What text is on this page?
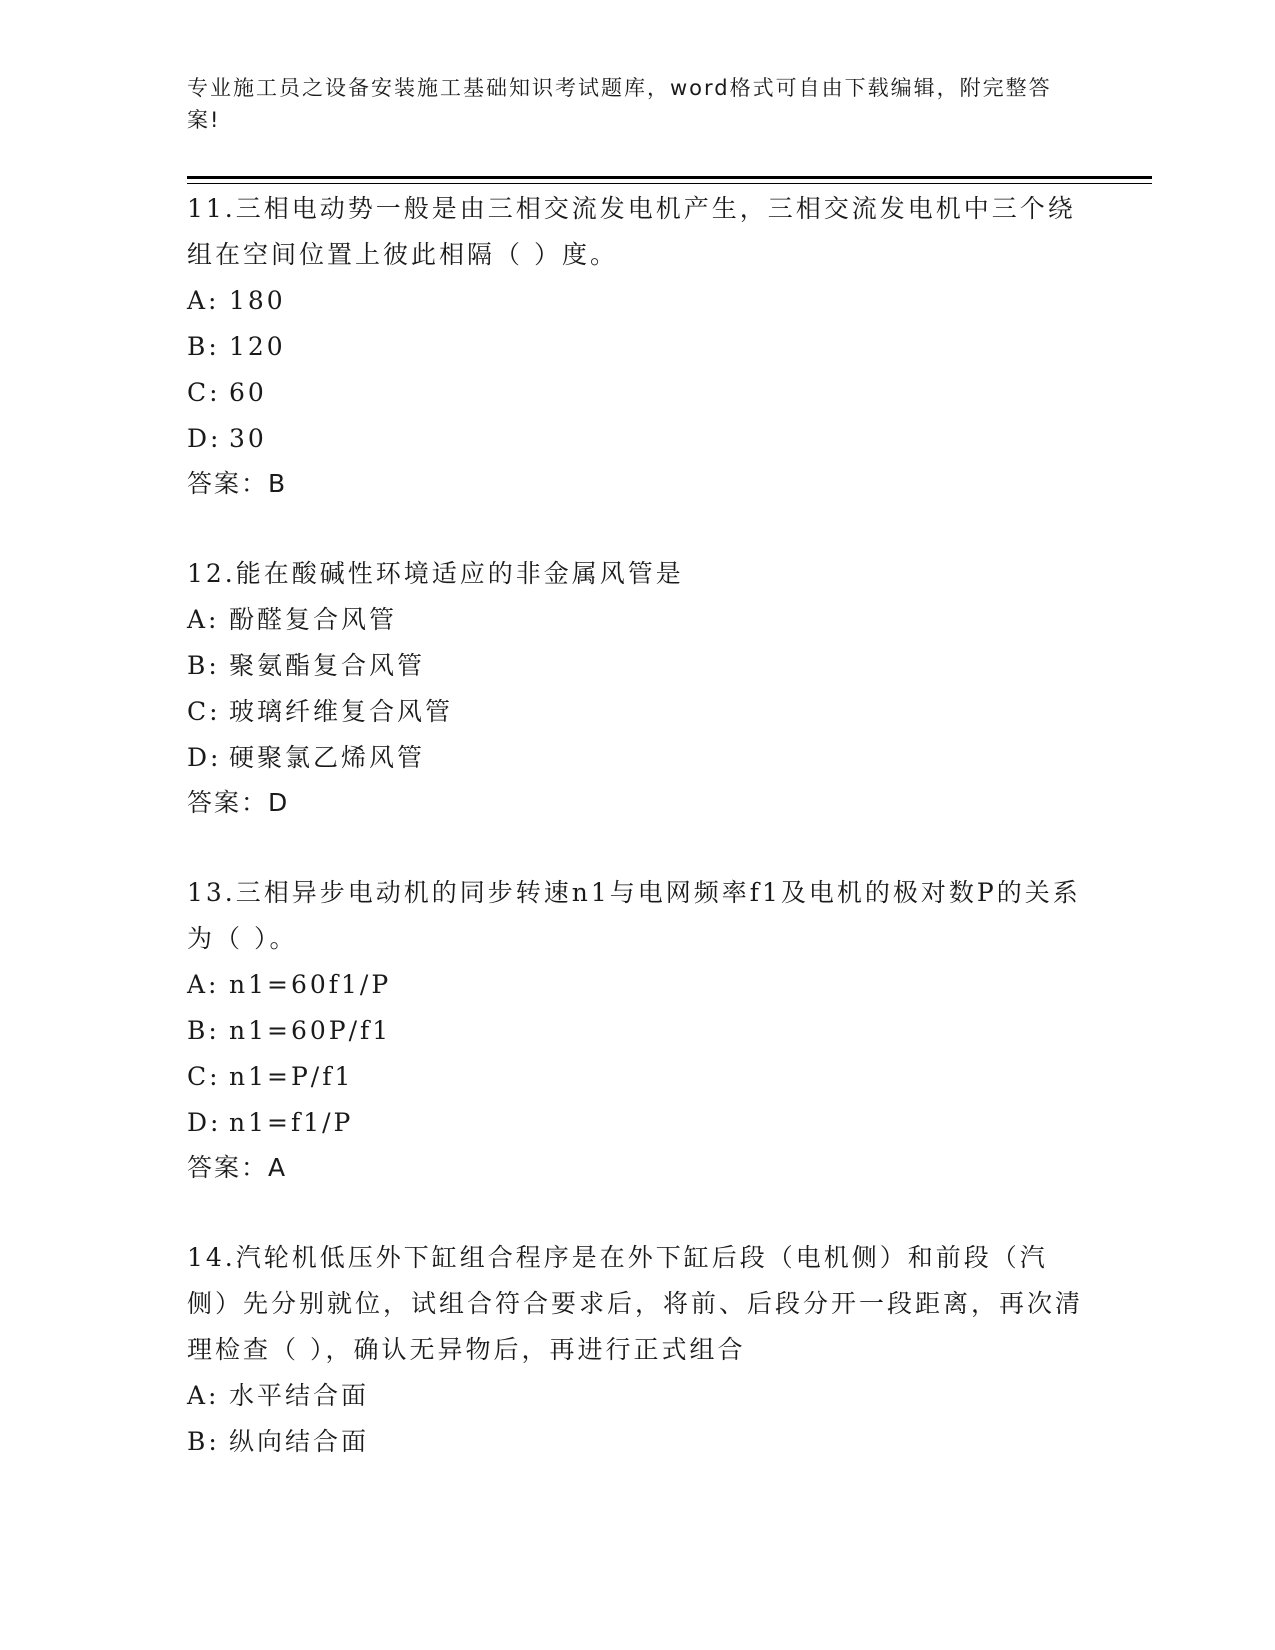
专业施工员之设备安装施工基础知识考试题库，word格式可自由下载编辑，附完整答案!

11.三相电动势一般是由三相交流发电机产生，三相交流发电机中三个绕组在空间位置上彼此相隔（ ）度。

A: 180
B: 120
C: 60
D: 30

答案：B

12.能在酸碱性环境适应的非金属风管是

A: 酚醛复合风管
B: 聚氨酯复合风管
C: 玻璃纤维复合风管
D: 硬聚氯乙烯风管

答案：D

13.三相异步电动机的同步转速n1与电网频率f1及电机的极对数P的关系为（ ）。

A: n1=60f1/P
B: n1=60P/f1
C: n1=P/f1
D: n1=f1/P

答案：A

14.汽轮机低压外下缸组合程序是在外下缸后段（电机侧）和前段（汽侧）先分别就位，试组合符合要求后，将前、后段分开一段距离，再次清理检查（ ），确认无异物后，再进行正式组合

A: 水平结合面
B: 纵向结合面
